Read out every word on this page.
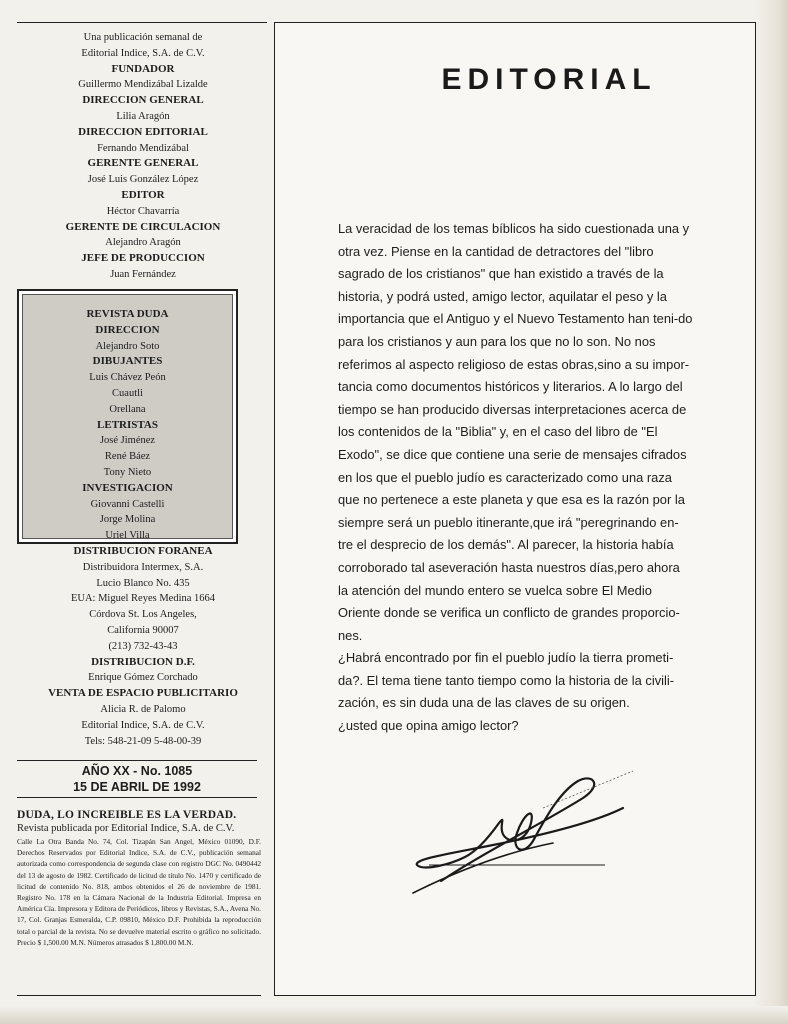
Una publicación semanal de
Editorial Indice, S.A. de C.V.
FUNDADOR
Guillermo Mendizábal Lizalde
DIRECCION GENERAL
Lilia Aragón
DIRECCION EDITORIAL
Fernando Mendizábal
GERENTE GENERAL
José Luis González López
EDITOR
Héctor Chavarría
GERENTE DE CIRCULACION
Alejandro Aragón
JEFE DE PRODUCCION
Juan Fernández
REVISTA DUDA
DIRECCION
Alejandro Soto
DIBUJANTES
Luis Chávez Peón
Cuautli
Orellana
LETRISTAS
José Jiménez
René Báez
Tony Nieto
INVESTIGACION
Giovanni Castelli
Jorge Molina
Uriel Villa
DISTRIBUCION FORANEA
Distribuidora Intermex, S.A.
Lucio Blanco No. 435
EUA: Miguel Reyes Medina 1664
Córdova St. Los Angeles,
California 90007
(213) 732-43-43
DISTRIBUCION D.F.
Enrique Gómez Corchado
VENTA DE ESPACIO PUBLICITARIO
Alicia R. de Palomo
Editorial Indice, S.A. de C.V.
Tels: 548-21-09 5-48-00-39
AÑO XX - No. 1085
15 DE ABRIL DE 1992
DUDA, LO INCREIBLE ES LA VERDAD.
Revista publicada por Editorial Indice, S.A. de C.V.
Calle La Otra Banda No. 74, Col. Tizapán San Angel, México 01090, D.F. Derechos Reservados por Editorial Indice, S.A. de C.V., publicación semanal autorizada como correspondencia de segunda clase con registro DGC No. 0490442 del 13 de agosto de 1982. Certificado de licitud de título No. 1470 y certificado de licitud de contenido No. 818, ambos obtenidos el 26 de noviembre de 1981. Registro No. 178 en la Cámara Nacional de la Industria Editorial. Impresa en América Cía. Impresora y Editora de Periódicos, libros y Revistas, S.A., Avena No. 17, Col. Granjas Esmeralda, C.P. 09810, México D.F. Prohibida la reproducción total o parcial de la revista. No se devuelve material escrito o gráfico no solicitado. Precio $ 1,500.00 M.N. Números atrasados $ 1,800.00 M.N.
EDITORIAL

La veracidad de los temas bíblicos ha sido cuestionada una y otra vez. Piense en la cantidad de detractores del "libro sagrado de los cristianos" que han existido a través de la historia, y podrá usted, amigo lector, aquilatar el peso y la importancia que el Antiguo y el Nuevo Testamento han teni-do para los cristianos y aun para los que no lo son. No nos referimos al aspecto religioso de estas obras,sino a su impor-tancia como documentos históricos y literarios. A lo largo del tiempo se han producido diversas interpretaciones acerca de los contenidos de la "Biblia" y, en el caso del libro de "El Exodo", se dice que contiene una serie de mensajes cifrados en los que el pueblo judío es caracterizado como una raza que no pertenece a este planeta y que esa es la razón por la siempre será un pueblo itinerante,que irá "peregrinando en-tre el desprecio de los demás". Al parecer, la historia había corroborado tal aseveración hasta nuestros días,pero ahora la atención del mundo entero se vuelca sobre El Medio Oriente donde se verifica un conflicto de grandes proporcio-nes.

¿Habrá encontrado por fin el pueblo judío la tierra prometi-da?. El tema tiene tanto tiempo como la historia de la civili-zación, es sin duda una de las claves de su origen.

¿usted que opina amigo lector?
